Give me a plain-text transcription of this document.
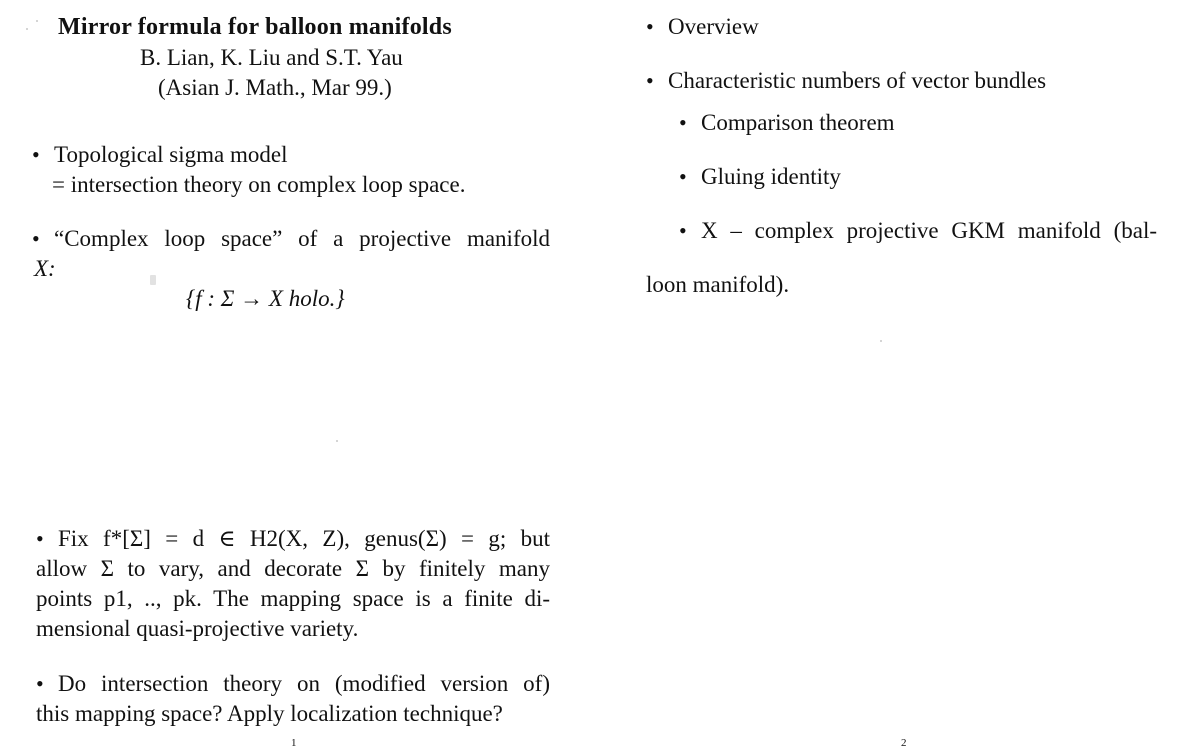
Mirror formula for balloon manifolds
B. Lian, K. Liu and S.T. Yau
(Asian J. Math., Mar 99.)
• Topological sigma model
= intersection theory on complex loop space.
• “Complex loop space” of a projective manifold
X:
{f : Σ → X holo.}
• Fix f*[Σ] = d ∈ H2(X, Z), genus(Σ) = g; but
allow Σ to vary, and decorate Σ by finitely many
points p1, .., pk. The mapping space is a finite di-
mensional quasi-projective variety.
• Do intersection theory on (modified version of)
this mapping space? Apply localization technique?
1
• Overview
• Characteristic numbers of vector bundles
• Comparison theorem
• Gluing identity
• X – complex projective GKM manifold (bal-
loon manifold).
2
